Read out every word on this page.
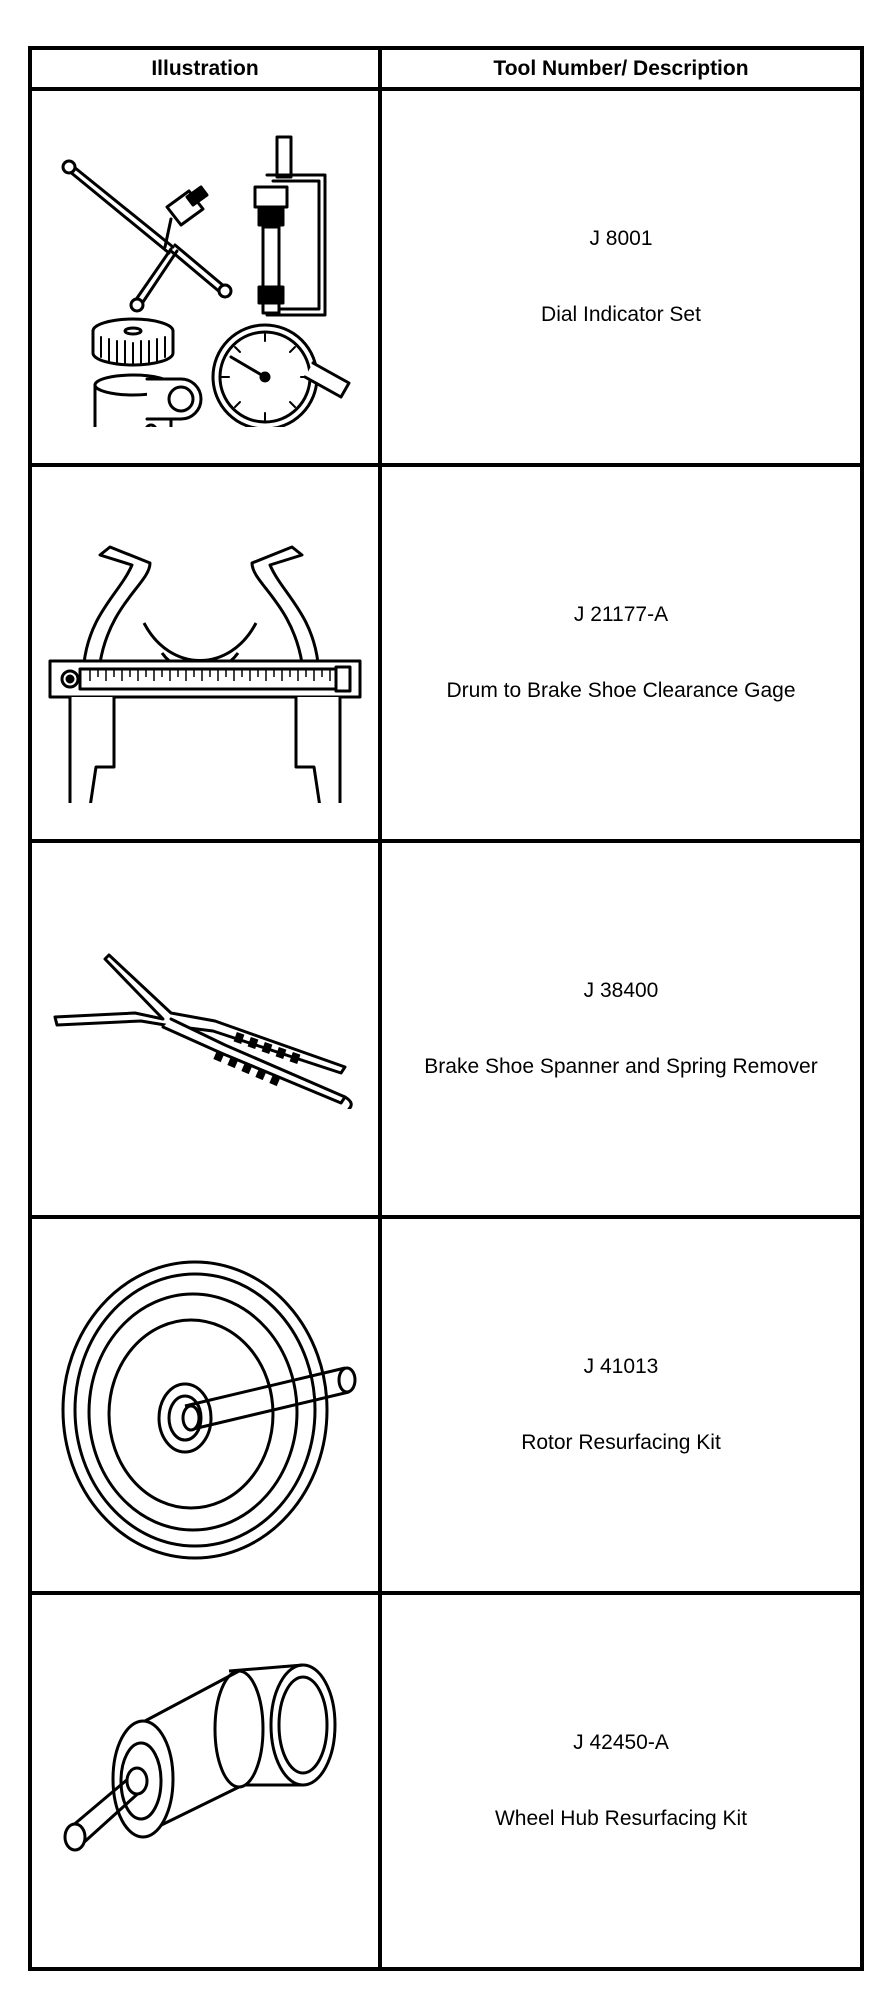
Illustration	Tool Number/ Description

J 8001
Dial Indicator Set

J 21177-A
Drum to Brake Shoe Clearance Gage

J 38400
Brake Shoe Spanner and Spring Remover

J 41013
Rotor Resurfacing Kit

J 42450-A
Wheel Hub Resurfacing Kit
